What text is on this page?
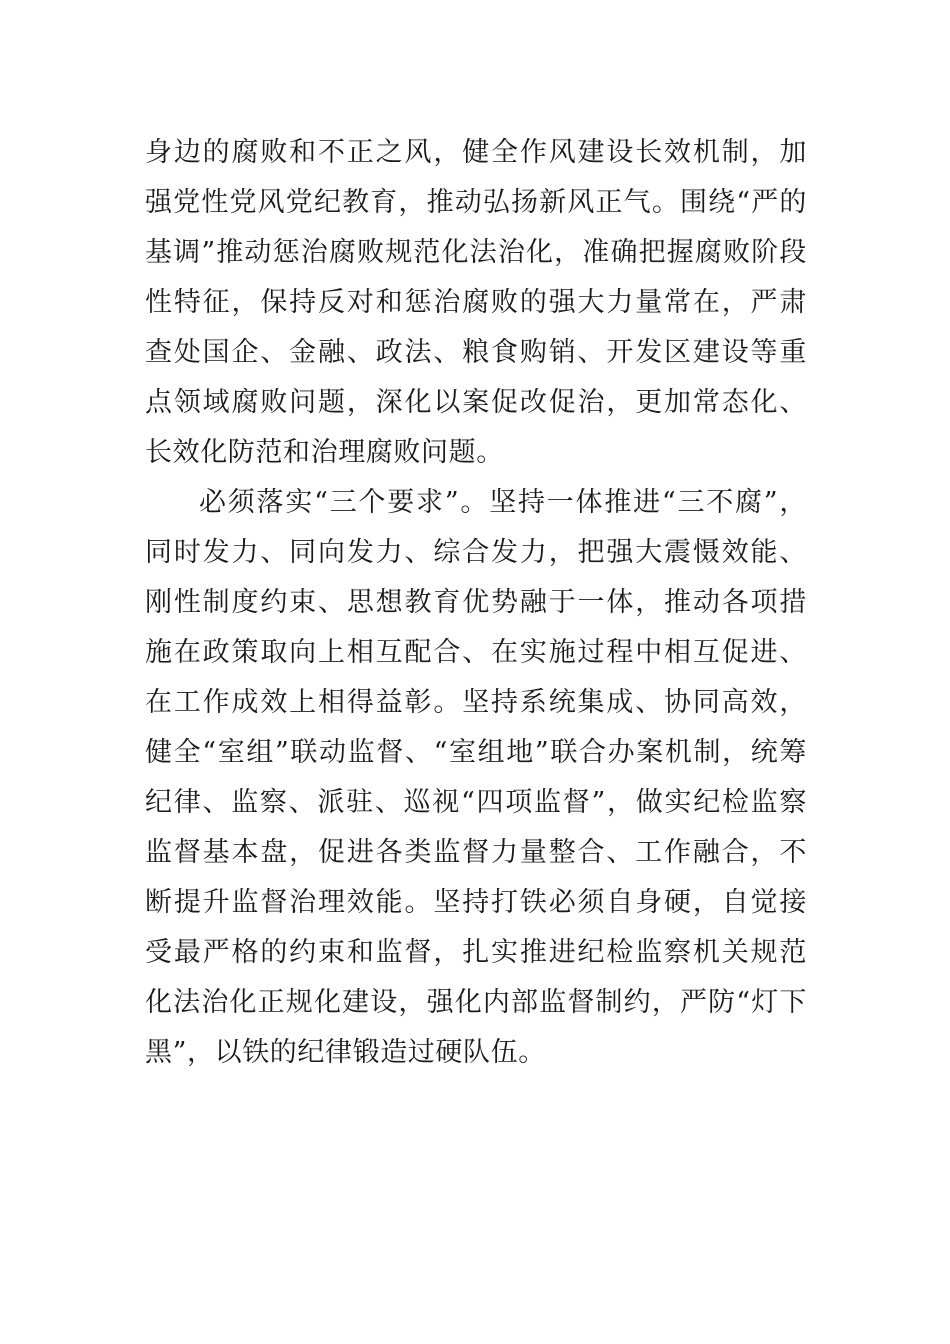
身边的腐败和不正之风，健全作风建设长效机制，加强党性党风党纪教育，推动弘扬新风正气。围绕“严的基调”推动惩治腐败规范化法治化，准确把握腐败阶段性特征，保持反对和惩治腐败的强大力量常在，严肃查处国企、金融、政法、粮食购销、开发区建设等重点领域腐败问题，深化以案促改促治，更加常态化、长效化防范和治理腐败问题。

必须落实“三个要求”。坚持一体推进“三不腐”，同时发力、同向发力、综合发力，把强大震慑效能、刚性制度约束、思想教育优势融于一体，推动各项措施在政策取向上相互配合、在实施过程中相互促进、在工作成效上相得益彰。坚持系统集成、协同高效，健全“室组”联动监督、“室组地”联合办案机制，统筹纪律、监察、派驻、巡视“四项监督”，做实纪检监察监督基本盘，促进各类监督力量整合、工作融合，不断提升监督治理效能。坚持打铁必须自身硬，自觉接受最严格的约束和监督，扎实推进纪检监察机关规范化法治化正规化建设，强化内部监督制约，严防“灯下黑”，以铁的纪律锻造过硬队伍。
